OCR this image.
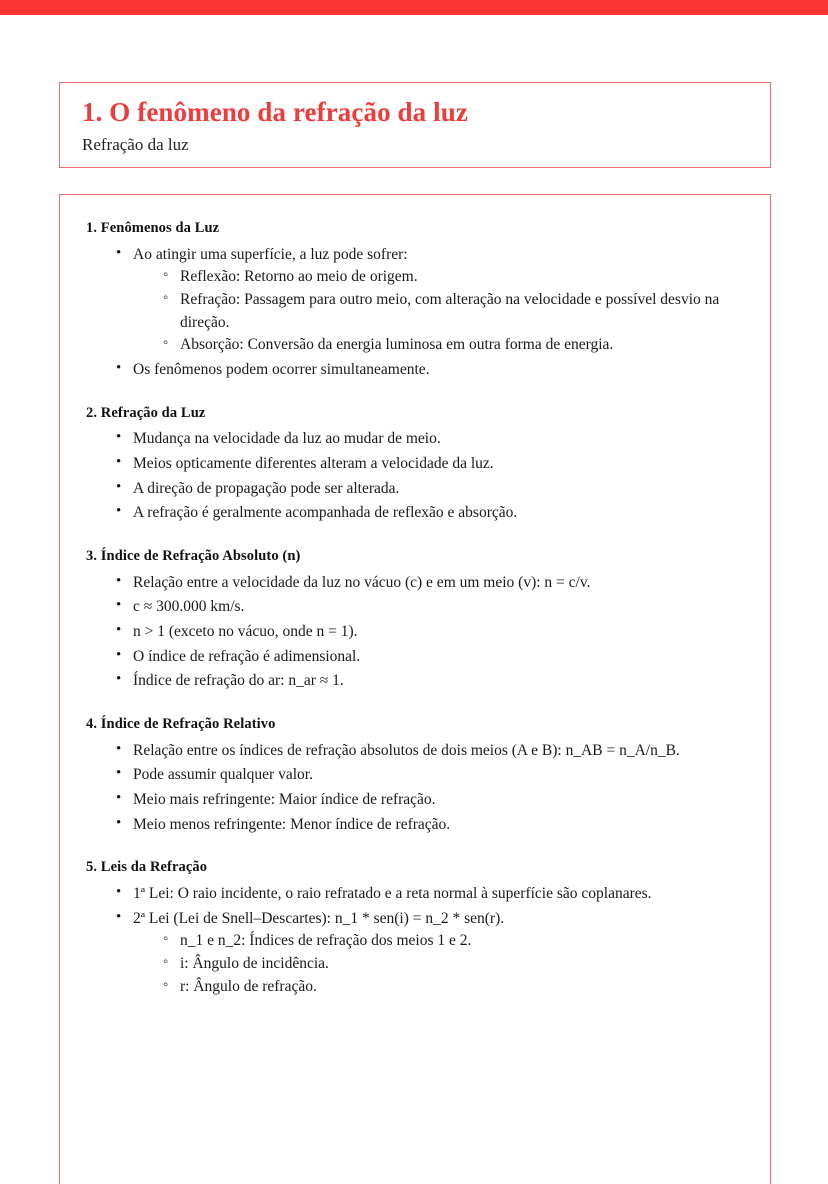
1. O fenômeno da refração da luz

Refração da luz

1. Fenômenos da Luz
• Ao atingir uma superfície, a luz pode sofrer:
◦ Reflexão: Retorno ao meio de origem.
◦ Refração: Passagem para outro meio, com alteração na velocidade e possível desvio na direção.
◦ Absorção: Conversão da energia luminosa em outra forma de energia.
• Os fenômenos podem ocorrer simultaneamente.
2. Refração da Luz
• Mudança na velocidade da luz ao mudar de meio.
• Meios opticamente diferentes alteram a velocidade da luz.
• A direção de propagação pode ser alterada.
• A refração é geralmente acompanhada de reflexão e absorção.
3. Índice de Refração Absoluto (n)
• Relação entre a velocidade da luz no vácuo (c) e em um meio (v): n = c/v.
• c ≈ 300.000 km/s.
• n > 1 (exceto no vácuo, onde n = 1).
• O índice de refração é adimensional.
• Índice de refração do ar: n_ar ≈ 1.
4. Índice de Refração Relativo
• Relação entre os índices de refração absolutos de dois meios (A e B): n_AB = n_A/n_B.
• Pode assumir qualquer valor.
• Meio mais refringente: Maior índice de refração.
• Meio menos refringente: Menor índice de refração.
5. Leis da Refração
• 1ª Lei: O raio incidente, o raio refratado e a reta normal à superfície são coplanares.
• 2ª Lei (Lei de Snell–Descartes): n_1 * sen(i) = n_2 * sen(r).
◦ n_1 e n_2: Índices de refração dos meios 1 e 2.
◦ i: Ângulo de incidência.
◦ r: Ângulo de refração.
